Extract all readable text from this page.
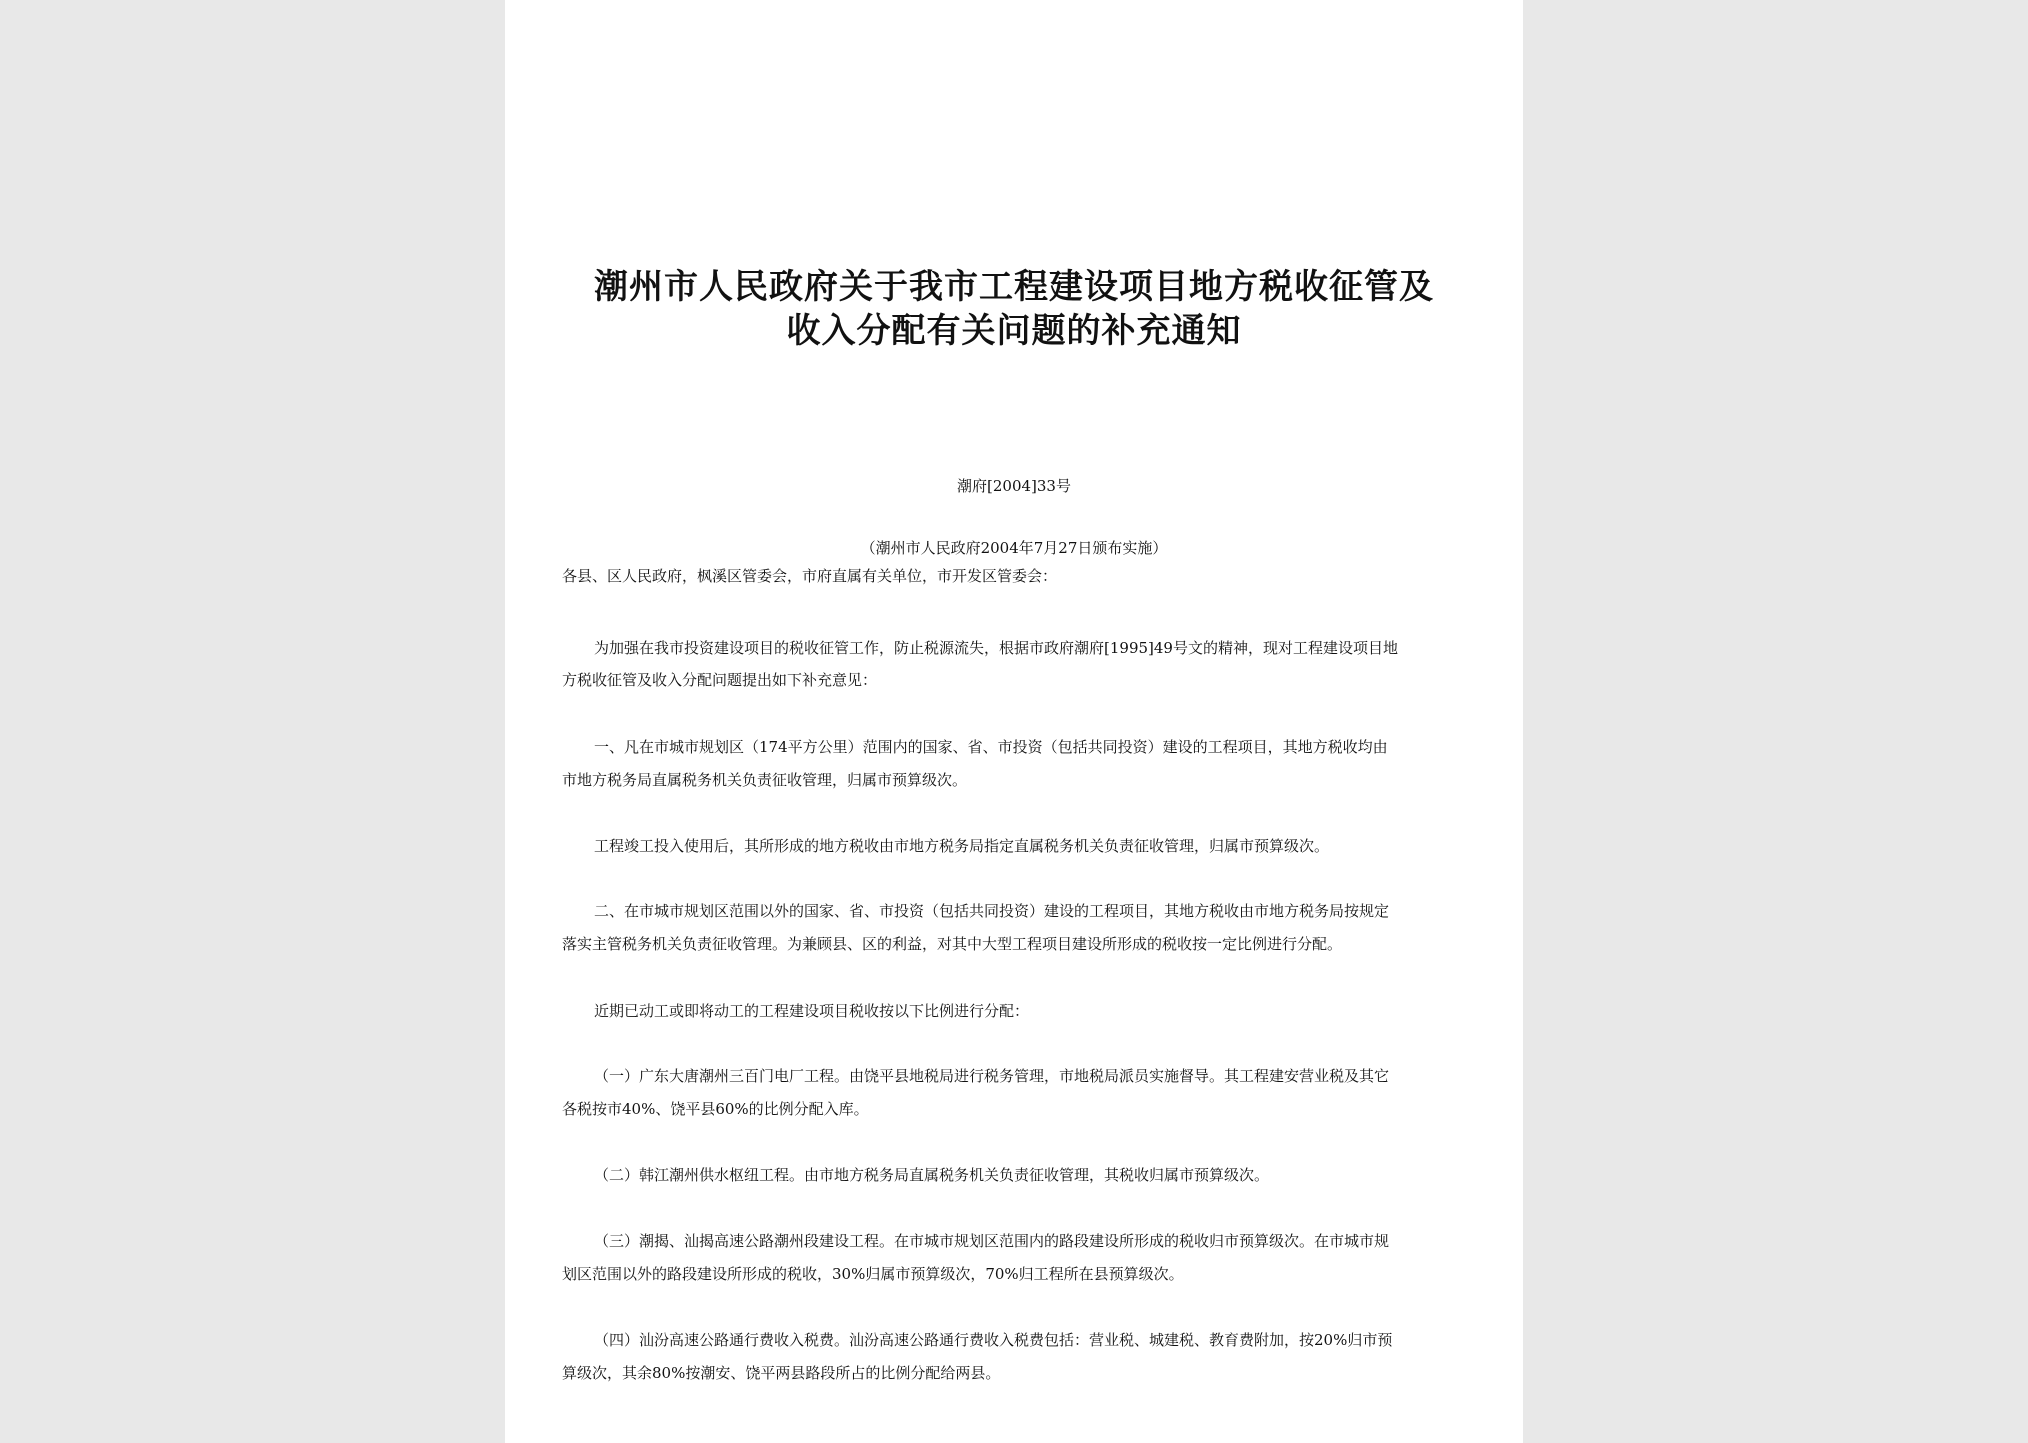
潮州市人民政府关于我市工程建设项目地方税收征管及
收入分配有关问题的补充通知
潮府[2004]33号
（潮州市人民政府2004年7月27日颁布实施）
各县、区人民政府，枫溪区管委会，市府直属有关单位，市开发区管委会：
为加强在我市投资建设项目的税收征管工作，防止税源流失，根据市政府潮府[1995]49号文的精神，现对工程建设项目地
方税收征管及收入分配问题提出如下补充意见：
一、凡在市城市规划区（174平方公里）范围内的国家、省、市投资（包括共同投资）建设的工程项目，其地方税收均由
市地方税务局直属税务机关负责征收管理，归属市预算级次。
工程竣工投入使用后，其所形成的地方税收由市地方税务局指定直属税务机关负责征收管理，归属市预算级次。
二、在市城市规划区范围以外的国家、省、市投资（包括共同投资）建设的工程项目，其地方税收由市地方税务局按规定
落实主管税务机关负责征收管理。为兼顾县、区的利益，对其中大型工程项目建设所形成的税收按一定比例进行分配。
近期已动工或即将动工的工程建设项目税收按以下比例进行分配：
（一）广东大唐潮州三百门电厂工程。由饶平县地税局进行税务管理，市地税局派员实施督导。其工程建安营业税及其它
各税按市40%、饶平县60%的比例分配入库。
（二）韩江潮州供水枢纽工程。由市地方税务局直属税务机关负责征收管理，其税收归属市预算级次。
（三）潮揭、汕揭高速公路潮州段建设工程。在市城市规划区范围内的路段建设所形成的税收归市预算级次。在市城市规
划区范围以外的路段建设所形成的税收，30%归属市预算级次，70%归工程所在县预算级次。
（四）汕汾高速公路通行费收入税费。汕汾高速公路通行费收入税费包括：营业税、城建税、教育费附加，按20%归市预
算级次，其余80%按潮安、饶平两县路段所占的比例分配给两县。
